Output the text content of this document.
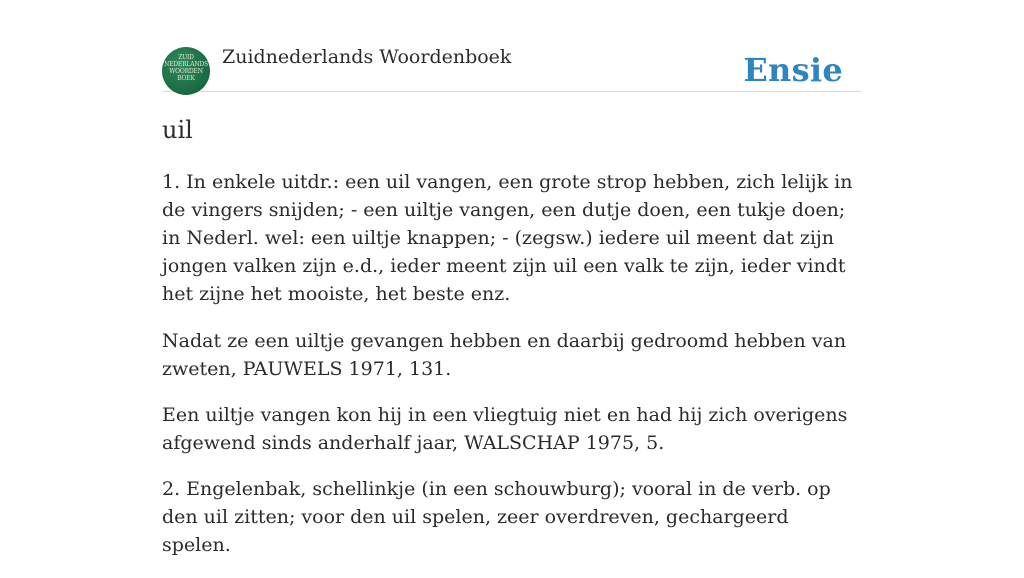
ZUID NEDERLANDS WOORDEN BOEK
Zuidnederlands Woordenboek	Ensie
uil

1. In enkele uitdr.: een uil vangen, een grote strop hebben, zich lelijk in de vingers snijden; - een uiltje vangen, een dutje doen, een tukje doen; in Nederl. wel: een uiltje knappen; - (zegsw.) iedere uil meent dat zijn jongen valken zijn e.d., ieder meent zijn uil een valk te zijn, ieder vindt het zijne het mooiste, het beste enz.

Nadat ze een uiltje gevangen hebben en daarbij gedroomd hebben van zweten, PAUWELS 1971, 131.

Een uiltje vangen kon hij in een vliegtuig niet en had hij zich overigens afgewend sinds anderhalf jaar, WALSCHAP 1975, 5.

2. Engelenbak, schellinkje (in een schouwburg); vooral in de verb. op den uil zitten; voor den uil spelen, zeer overdreven, gechargeerd spelen.
